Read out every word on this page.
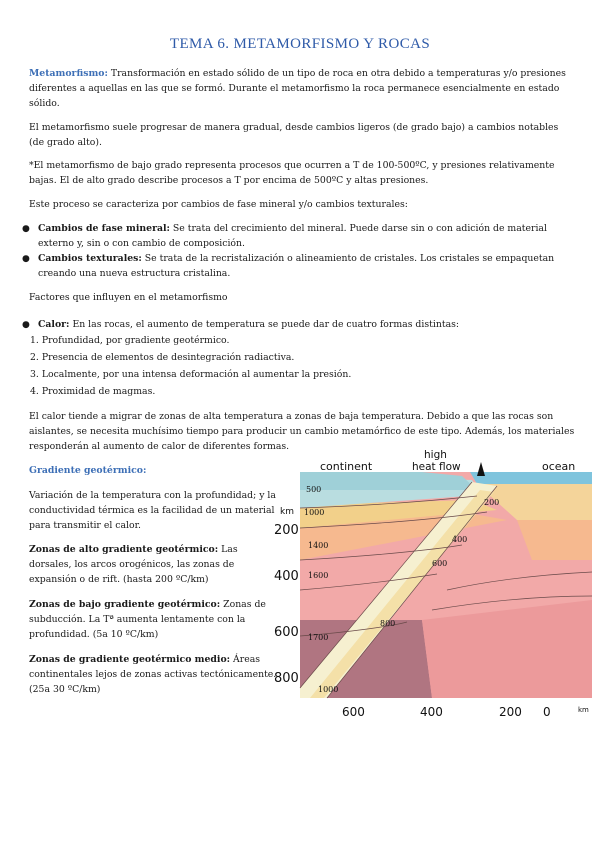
TEMA 6. METAMORFISMO Y ROCAS

Metamorfismo: Transformación en estado sólido de un tipo de roca en otra debido a temperaturas y/o presiones diferentes a aquellas en las que se formó. Durante el metamorfismo la roca permanece esencialmente en estado sólido.

El metamorfismo suele progresar de manera gradual, desde cambios ligeros (de grado bajo) a cambios notables (de grado alto).

*El metamorfismo de bajo grado representa procesos que ocurren a T de 100-500ºC, y presiones relativamente bajas. El de alto grado describe procesos a T por encima de 500ºC y altas presiones.

Este proceso se caracteriza por cambios de fase mineral y/o cambios texturales:

● Cambios de fase mineral: Se trata del crecimiento del mineral. Puede darse sin o con adición de material externo y, sin o con cambio de composición.

● Cambios texturales: Se trata de la recristalización o alineamiento de cristales. Los cristales se empaquetan creando una nueva estructura cristalina.

Factores que influyen en el metamorfismo

● Calor: En las rocas, el aumento de temperatura se puede dar de cuatro formas distintas:

1. Profundidad, por gradiente geotérmico.

2. Presencia de elementos de desintegración radiactiva.

3. Localmente, por una intensa deformación al aumentar la presión.

4. Proximidad de magmas.

El calor tiende a migrar de zonas de alta temperatura a zonas de baja temperatura. Debido a que las rocas son aislantes, se necesita muchísimo tiempo para producir un cambio metamórfico de este tipo. Además, los materiales responderán al aumento de calor de diferentes formas.

Gradiente geotérmico:

Variación de la temperatura con la profundidad; y la conductividad térmica es la facilidad de un material para transmitir el calor.

Zonas de alto gradiente geotérmico: Las dorsales, los arcos orogénicos, las zonas de expansión o de rift. (hasta 200 ºC/km)

Zonas de bajo gradiente geotérmico: Zonas de subducción. La Tª aumenta lentamente con la profundidad. (5a 10 ºC/km)

Zonas de gradiente geotérmico medio: Áreas continentales lejos de zonas activas tectónicamente. (25a 30 ºC/km)

continent
high
heat flow	ocean
km
200
400
600
800
600	400	200 0	km
500
1000
1400
1600
1700
200
400
600
800
1000
